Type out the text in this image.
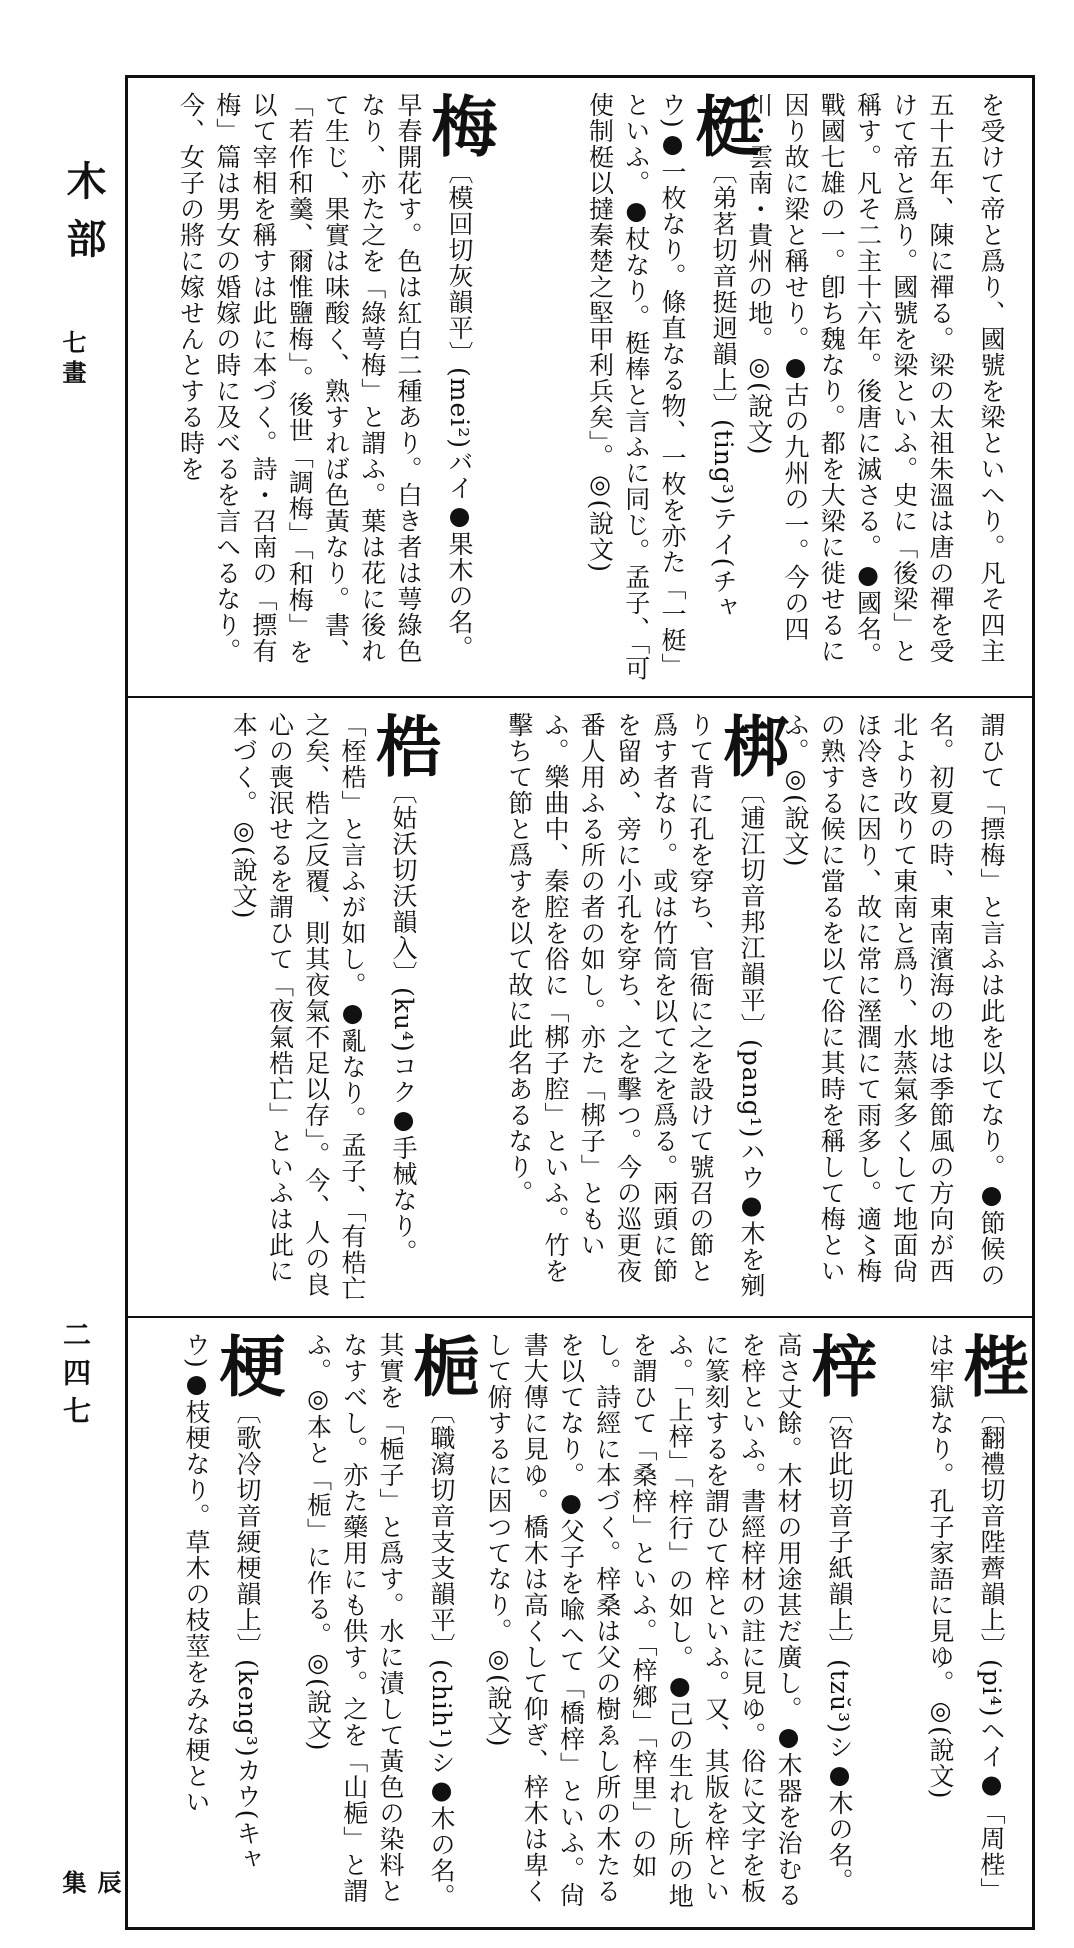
木部
七畫
二四七
辰集
を受けて帝と爲り、國號を梁といへり。凡そ四主五十五年、陳に禪る。梁の太祖朱溫は唐の禪を受けて帝と爲り。國號を梁といふ。史に「後梁」と稱す。凡そ二主十六年。後唐に滅さる。●國名。戰國七雄の一。卽ち魏なり。都を大梁に徙せるに因り故に梁と稱せり。●古の九州の一。今の四川・雲南・貴州の地。◎(說文)
梃〔弟茗切音挺迥韻上〕(ting³)テイ(チャウ)●一枚なり。條直なる物、一枚を亦た「一梃」といふ。●杖なり。梃棒と言ふに同じ。孟子、「可使制梃以撻秦楚之堅甲利兵矣」。◎(說文)
梅〔模回切灰韻平〕(mei²)バイ●果木の名。早春開花す。色は紅白二種あり。白き者は萼綠色なり、亦た之を「綠萼梅」と謂ふ。葉は花に後れて生じ、果實は味酸く、熟すれば色黃なり。書、「若作和羹、爾惟鹽梅」。後世「調梅」「和梅」を以て宰相を稱すは此に本づく。詩・召南の「摽有梅」篇は男女の婚嫁の時に及べるを言へるなり。今、女子の將に嫁せんとする時を
謂ひて「摽梅」と言ふは此を以てなり。●節候の名。初夏の時、東南濱海の地は季節風の方向が西北より改りて東南と爲り、水蒸氣多くして地面尙ほ冷きに因り、故に常に溼潤にて雨多し。適〻梅の熟する候に當るを以て俗に其時を稱して梅といふ。◎(說文)
梆〔逋江切音邦江韻平〕(pang¹)ハウ●木を剜りて背に孔を穿ち、官衙に之を設けて號召の節と爲す者なり。或は竹筒を以て之を爲る。兩頭に節を留め、旁に小孔を穿ち、之を擊つ。今の巡更夜番人用ふる所の者の如し。亦た「梆子」ともいふ。樂曲中、秦腔を俗に「梆子腔」といふ。竹を擊ちて節と爲すを以て故に此名あるなり。
梏〔姑沃切沃韻入〕(ku⁴)コク●手械なり。「桎梏」と言ふが如し。●亂なり。孟子、「有梏亡之矣、梏之反覆、則其夜氣不足以存」。今、人の良心の喪泯せるを謂ひて「夜氣梏亡」といふは此に本づく。◎(說文)
梐〔翻禮切音陛薺韻上〕(pi⁴)ヘイ●「周梐」は牢獄なり。孔子家語に見ゆ。◎(說文)
梓〔咨此切音子紙韻上〕(tzŭ³)シ●木の名。高さ丈餘。木材の用途甚だ廣し。●木器を治むるを梓といふ。書經梓材の註に見ゆ。俗に文字を板に篆刻するを謂ひて梓といふ。又、其版を梓といふ。「上梓」「梓行」の如し。●己の生れし所の地を謂ひて「桑梓」といふ。「梓鄉」「梓里」の如し。詩經に本づく。梓桑は父の樹ゑし所の木たるを以てなり。●父子を喩へて「橋梓」といふ。尙書大傳に見ゆ。橋木は高くして仰ぎ、梓木は卑くして俯するに因つてなり。◎(說文)
梔〔職瀉切音支支韻平〕(chih¹)シ●木の名。其實を「梔子」と爲す。水に漬して黃色の染料となすべし。亦た藥用にも供す。之を「山梔」と謂ふ。◎本と「栀」に作る。◎(說文)
梗〔歌冷切音綆梗韻上〕(keng³)カウ(キャウ)●枝梗なり。草木の枝莖をみな梗とい
